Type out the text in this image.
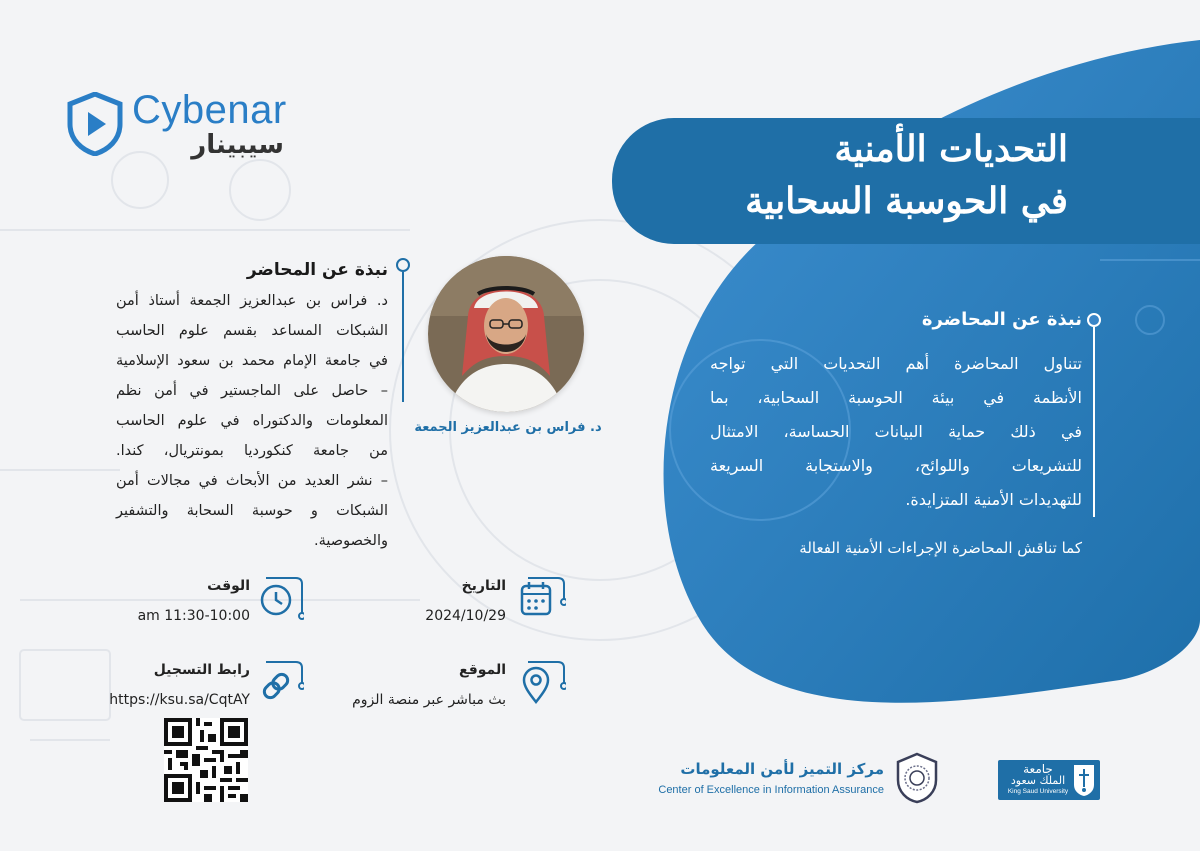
Cybenar
سيبينار	التحديات الأمنية
في الحوسبة السحابية
نبذة عن المحاضرة
تتناول المحاضرة أهم التحديات التي تواجه
الأنظمة في بيئة الحوسبة السحابية، بما
في ذلك حماية البيانات الحساسة، الامتثال
للتشريعات واللوائح، والاستجابة السريعة
للتهديدات الأمنية المتزايدة.
كما تناقش المحاضرة الإجراءات الأمنية الفعالة
د. فراس بن عبدالعزيز الجمعة
نبذة عن المحاضر
د. فراس بن عبدالعزيز الجمعة أستاذ أمن
الشبكات المساعد بقسم علوم الحاسب
في جامعة الإمام محمد بن سعود الإسلامية
– حاصل على الماجستير في أمن نظم
المعلومات والدكتوراه في علوم الحاسب
من جامعة كنكورديا بمونتريال، كندا.
– نشر العديد من الأبحاث في مجالات أمن
الشبكات و حوسبة السحابة والتشفير
والخصوصية.
الوقت
am 11:30-10:00
التاريخ
2024/10/29
رابط التسجيل
https://ksu.sa/CqtAY
الموقع
بث مباشر عبر منصة الزوم
مركز التميز لأمن المعلومات
Center of Excellence in Information Assurance
جامعة
الملك سعود
King Saud University
